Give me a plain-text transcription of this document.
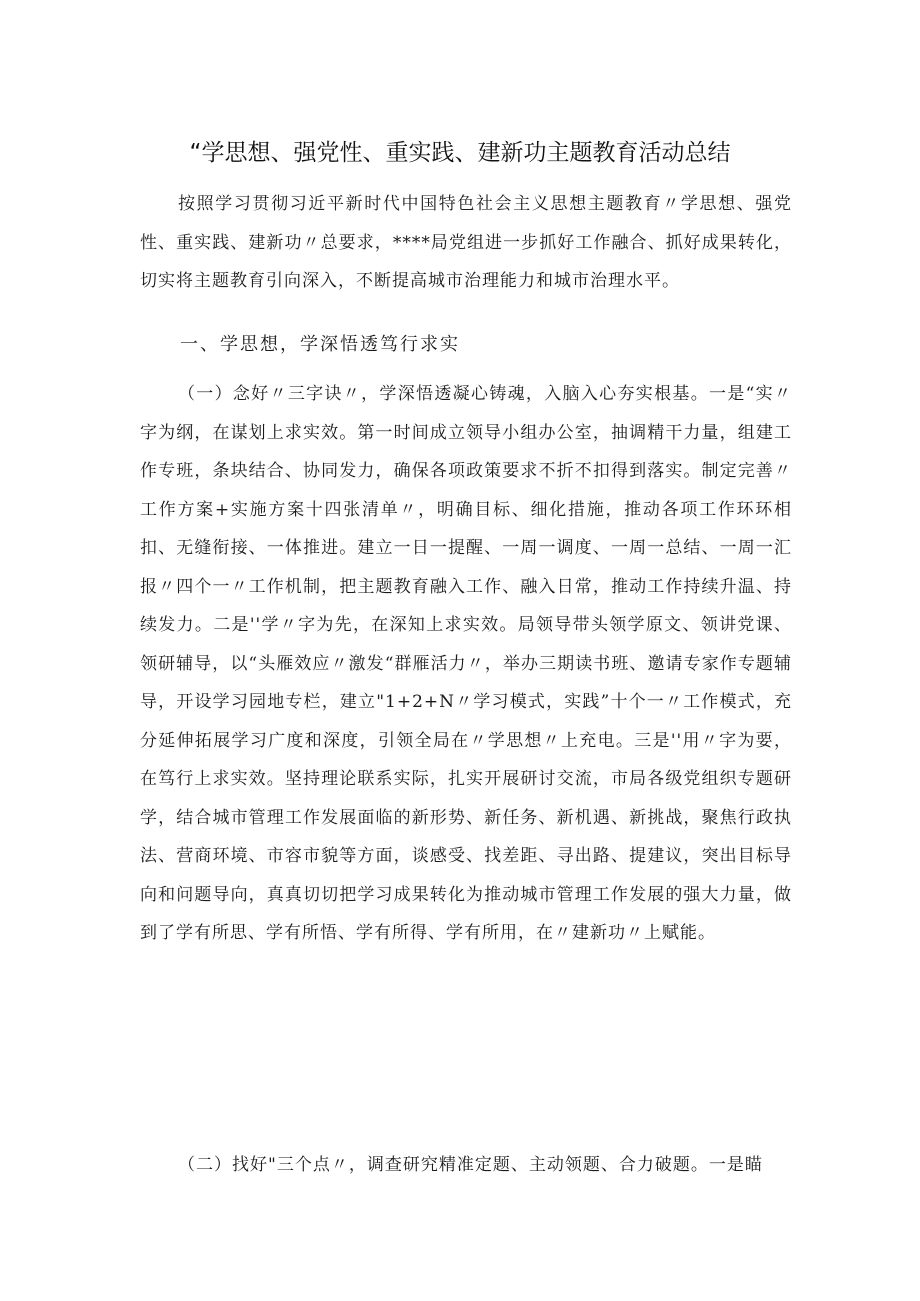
“学思想、强党性、重实践、建新功主题教育活动总结
按照学习贯彻习近平新时代中国特色社会主义思想主题教育〃学思想、强党性、重实践、建新功〃总要求，****局党组进一步抓好工作融合、抓好成果转化，切实将主题教育引向深入，不断提高城市治理能力和城市治理水平。
一、学思想，学深悟透笃行求实
（一）念好〃三字诀〃，学深悟透凝心铸魂，入脑入心夯实根基。一是“实〃字为纲，在谋划上求实效。第一时间成立领导小组办公室，抽调精干力量，组建工作专班，条块结合、协同发力，确保各项政策要求不折不扣得到落实。制定完善〃工作方案+实施方案十四张清单〃，明确目标、细化措施，推动各项工作环环相扣、无缝衔接、一体推进。建立一日一提醒、一周一调度、一周一总结、一周一汇报〃四个一〃工作机制，把主题教育融入工作、融入日常，推动工作持续升温、持续发力。二是''学〃字为先，在深知上求实效。局领导带头领学原文、领讲党课、领研辅导，以“头雁效应〃激发“群雁活力〃，举办三期读书班、邀请专家作专题辅导，开设学习园地专栏，建立"1+2+N〃学习模式，实践”十个一〃工作模式，充分延伸拓展学习广度和深度，引领全局在〃学思想〃上充电。三是''用〃字为要，在笃行上求实效。坚持理论联系实际，扎实开展研讨交流，市局各级党组织专题研学，结合城市管理工作发展面临的新形势、新任务、新机遇、新挑战，聚焦行政执法、营商环境、市容市貌等方面，谈感受、找差距、寻出路、提建议，突出目标导向和问题导向，真真切切把学习成果转化为推动城市管理工作发展的强大力量，做到了学有所思、学有所悟、学有所得、学有所用，在〃建新功〃上赋能。
（二）找好"三个点〃，调查研究精准定题、主动领题、合力破题。一是瞄
